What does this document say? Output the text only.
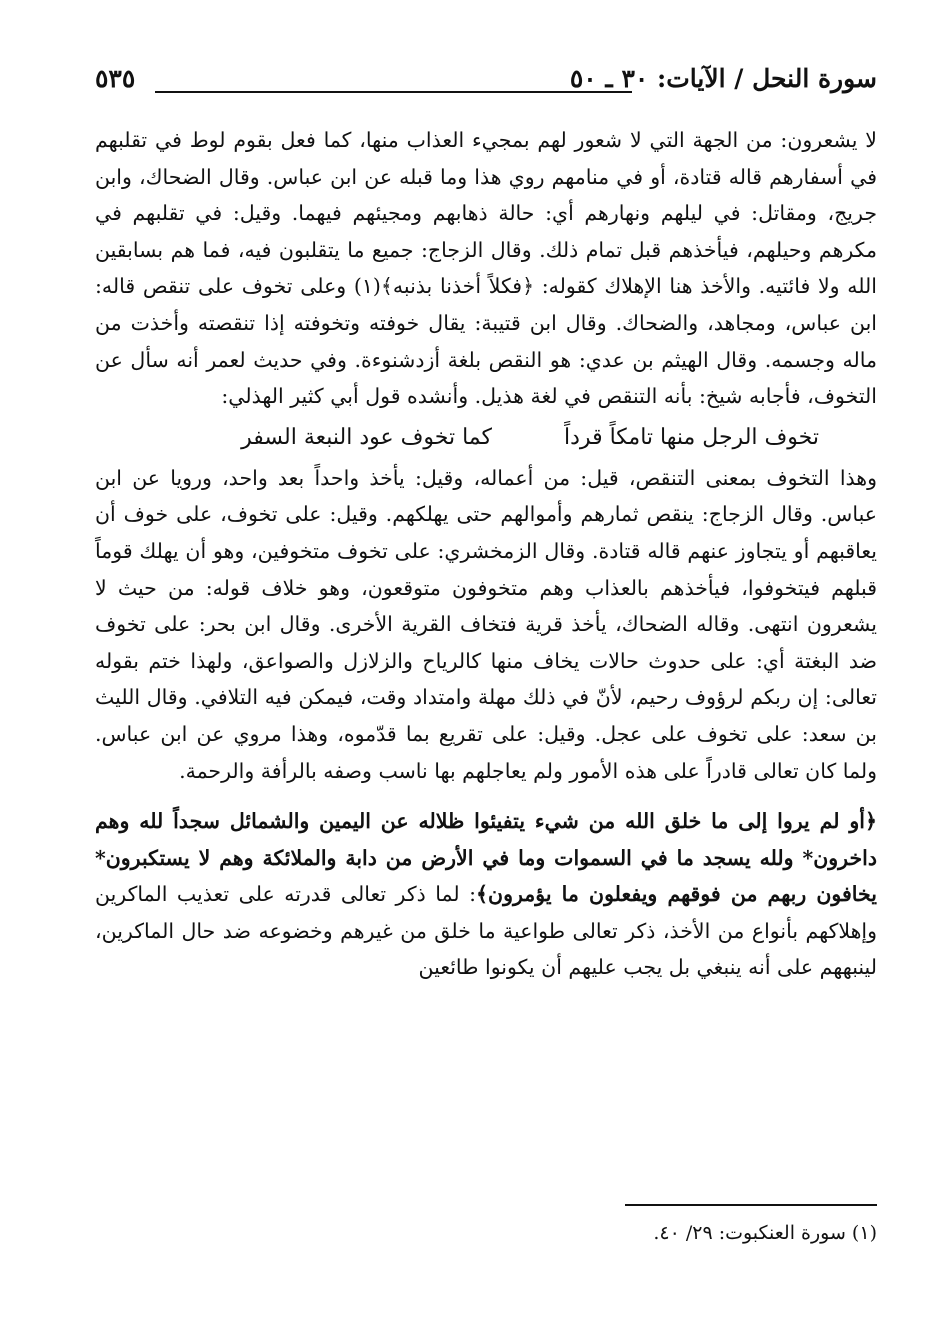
سورة النحل / الآيات: ٣٠ ـ ٥٠
٥٣٥

لا يشعرون: من الجهة التي لا شعور لهم بمجيء العذاب منها، كما فعل بقوم لوط في تقلبهم في أسفارهم قاله قتادة، أو في منامهم روي هذا وما قبله عن ابن عباس. وقال الضحاك، وابن جريج، ومقاتل: في ليلهم ونهارهم أي: حالة ذهابهم ومجيئهم فيهما. وقيل: في تقلبهم في مكرهم وحيلهم، فيأخذهم قبل تمام ذلك. وقال الزجاج: جميع ما يتقلبون فيه، فما هم بسابقين الله ولا فائتيه. والأخذ هنا الإهلاك كقوله: ﴿فكلاً أخذنا بذنبه﴾(١) وعلى تخوف على تنقص قاله: ابن عباس، ومجاهد، والضحاك. وقال ابن قتيبة: يقال خوفته وتخوفته إذا تنقصته وأخذت من ماله وجسمه. وقال الهيثم بن عدي: هو النقص بلغة أزدشنوءة. وفي حديث لعمر أنه سأل عن التخوف، فأجابه شيخ: بأنه التنقص في لغة هذيل. وأنشده قول أبي كثير الهذلي:

تخوف الرجل منها تامكاً قرداً
كما تخوف عود النبعة السفر

وهذا التخوف بمعنى التنقص، قيل: من أعماله، وقيل: يأخذ واحداً بعد واحد، ورويا عن ابن عباس. وقال الزجاج: ينقص ثمارهم وأموالهم حتى يهلكهم. وقيل: على تخوف، على خوف أن يعاقبهم أو يتجاوز عنهم قاله قتادة. وقال الزمخشري: على تخوف متخوفين، وهو أن يهلك قوماً قبلهم فيتخوفوا، فيأخذهم بالعذاب وهم متخوفون متوقعون، وهو خلاف قوله: من حيث لا يشعرون انتهى. وقاله الضحاك، يأخذ قرية فتخاف القرية الأخرى. وقال ابن بحر: على تخوف ضد البغتة أي: على حدوث حالات يخاف منها كالرياح والزلازل والصواعق، ولهذا ختم بقوله تعالى: إن ربكم لرؤوف رحيم، لأنّ في ذلك مهلة وامتداد وقت، فيمكن فيه التلافي. وقال الليث بن سعد: على تخوف على عجل. وقيل: على تقريع بما قدّموه، وهذا مروي عن ابن عباس. ولما كان تعالى قادراً على هذه الأمور ولم يعاجلهم بها ناسب وصفه بالرأفة والرحمة.

﴿أو لم يروا إلى ما خلق الله من شيء يتفيئوا ظلاله عن اليمين والشمائل سجداً لله وهم داخرون* ولله يسجد ما في السموات وما في الأرض من دابة والملائكة وهم لا يستكبرون* يخافون ربهم من فوقهم ويفعلون ما يؤمرون﴾: لما ذكر تعالى قدرته على تعذيب الماكرين وإهلاكهم بأنواع من الأخذ، ذكر تعالى طواعية ما خلق من غيرهم وخضوعه ضد حال الماكرين، لينبههم على أنه ينبغي بل يجب عليهم أن يكونوا طائعين

(١) سورة العنكبوت: ٢٩/ ٤٠.
